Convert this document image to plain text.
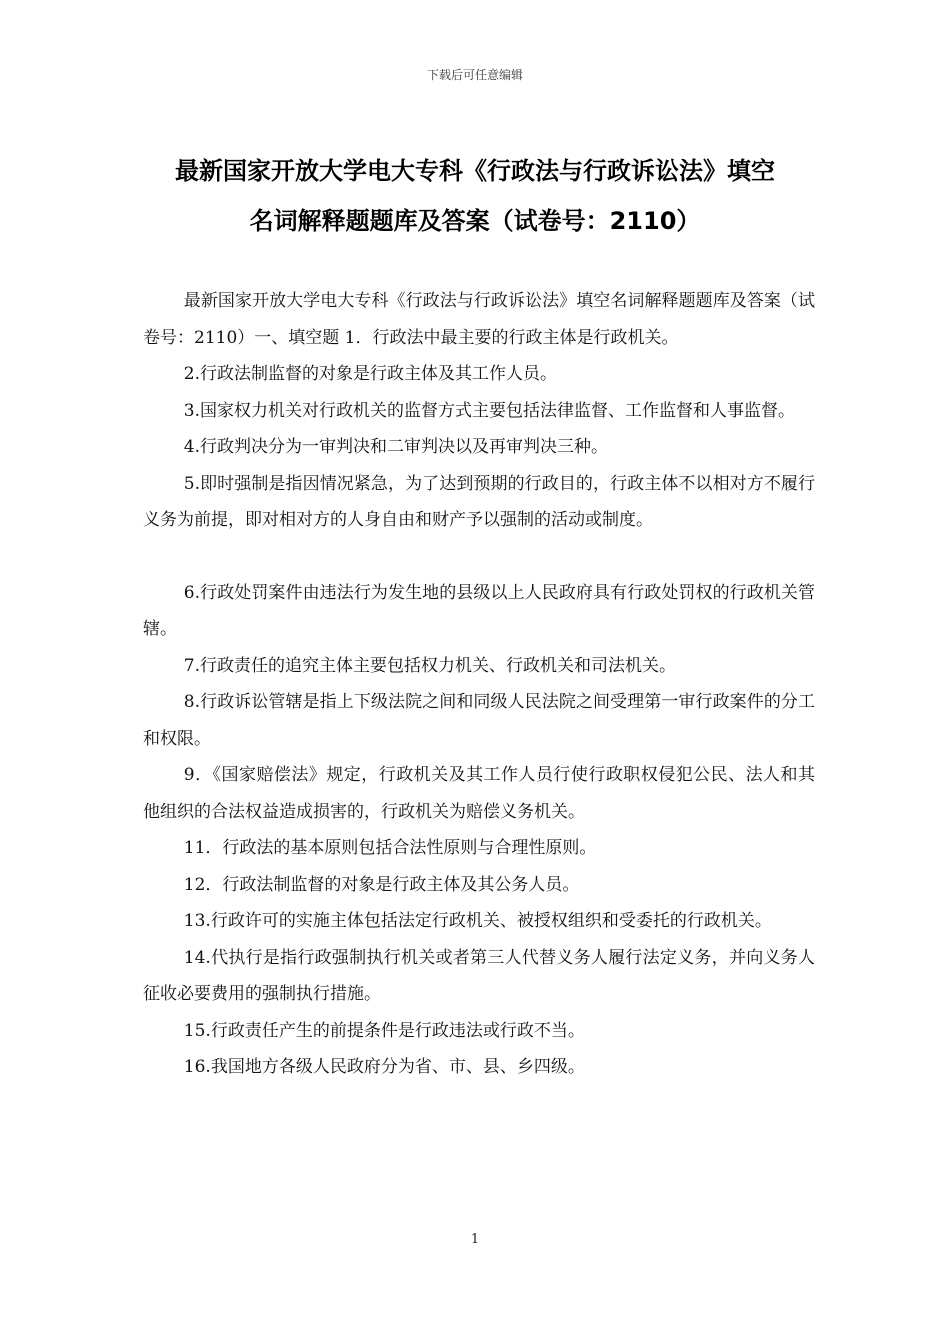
下载后可任意编辑
最新国家开放大学电大专科《行政法与行政诉讼法》填空
名词解释题题库及答案（试卷号：2110）

最新国家开放大学电大专科《行政法与行政诉讼法》填空名词解释题题库及答案（试卷号：2110）一、填空题 1．行政法中最主要的行政主体是行政机关。

2.行政法制监督的对象是行政主体及其工作人员。

3.国家权力机关对行政机关的监督方式主要包括法律监督、工作监督和人事监督。

4.行政判决分为一审判决和二审判决以及再审判决三种。

5.即时强制是指因情况紧急，为了达到预期的行政目的，行政主体不以相对方不履行义务为前提，即对相对方的人身自由和财产予以强制的活动或制度。

6.行政处罚案件由违法行为发生地的县级以上人民政府具有行政处罚权的行政机关管辖。

7.行政责任的追究主体主要包括权力机关、行政机关和司法机关。

8.行政诉讼管辖是指上下级法院之间和同级人民法院之间受理第一审行政案件的分工和权限。

9．《国家赔偿法》规定，行政机关及其工作人员行使行政职权侵犯公民、法人和其他组织的合法权益造成损害的，行政机关为赔偿义务机关。

11．行政法的基本原则包括合法性原则与合理性原则。

12．行政法制监督的对象是行政主体及其公务人员。

13.行政许可的实施主体包括法定行政机关、被授权组织和受委托的行政机关。

14.代执行是指行政强制执行机关或者第三人代替义务人履行法定义务，并向义务人征收必要费用的强制执行措施。

15.行政责任产生的前提条件是行政违法或行政不当。

16.我国地方各级人民政府分为省、市、县、乡四级。

1
